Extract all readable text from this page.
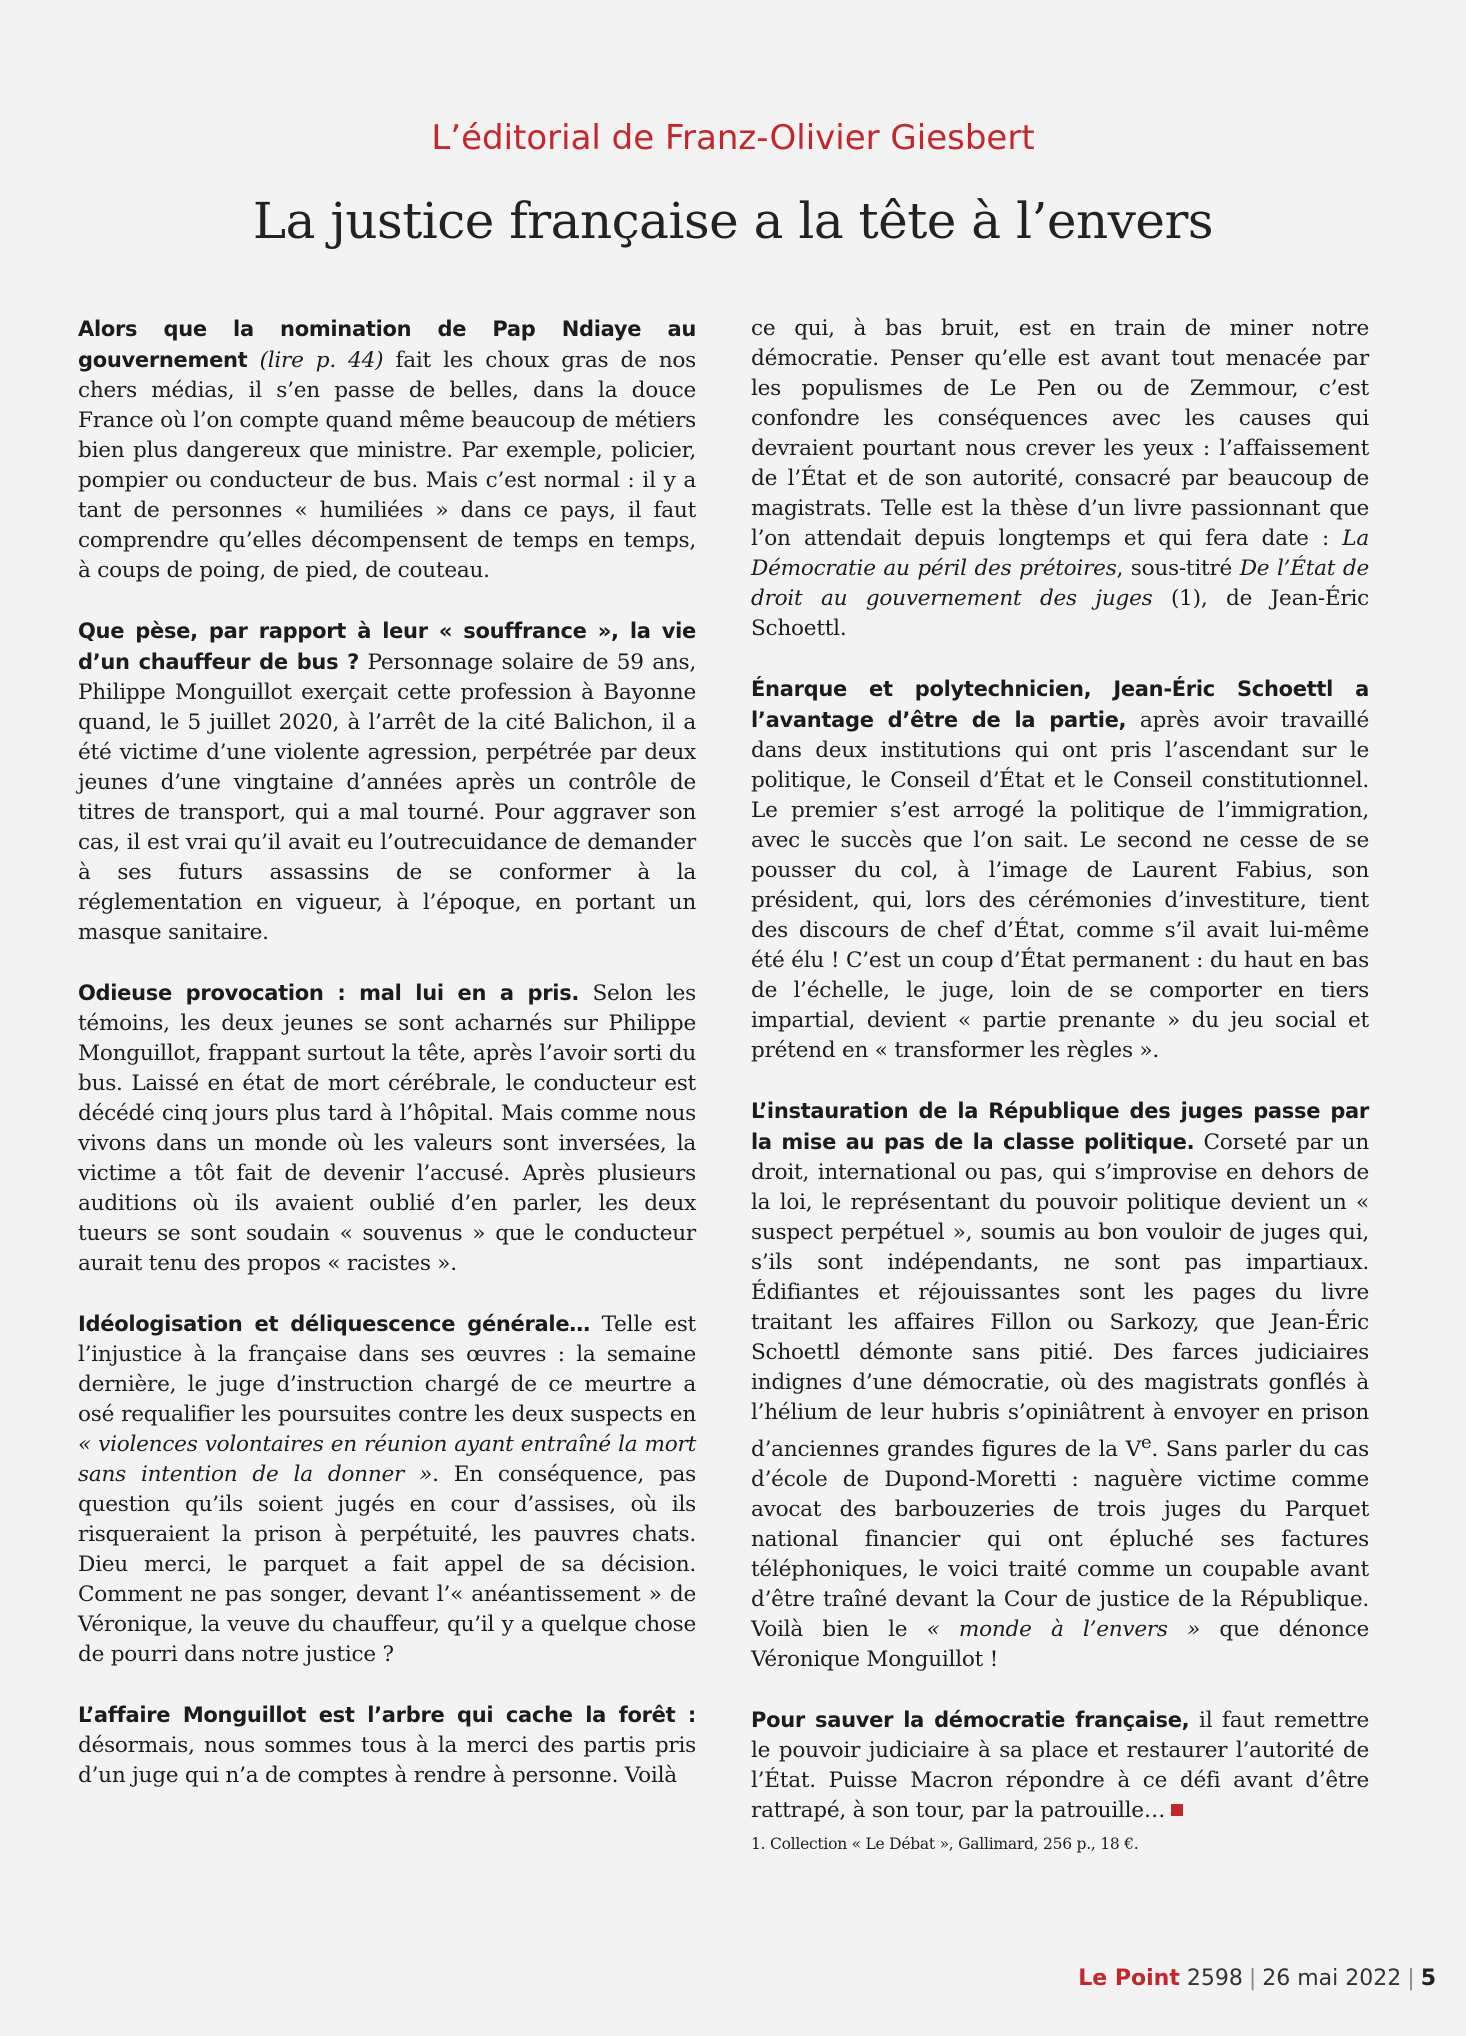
L’éditorial de Franz-Olivier Giesbert
La justice française a la tête à l’envers

Alors que la nomination de Pap Ndiaye au gouvernement (lire p. 44) fait les choux gras de nos chers médias, il s’en passe de belles, dans la douce France où l’on compte quand même beaucoup de métiers bien plus dangereux que ministre. Par exemple, policier, pompier ou conducteur de bus. Mais c’est normal : il y a tant de personnes « humiliées » dans ce pays, il faut comprendre qu’elles décompensent de temps en temps, à coups de poing, de pied, de couteau.

Que pèse, par rapport à leur « souffrance », la vie d’un chauffeur de bus ? Personnage solaire de 59 ans, Philippe Monguillot exerçait cette profession à Bayonne quand, le 5 juillet 2020, à l’arrêt de la cité Balichon, il a été victime d’une violente agression, perpétrée par deux jeunes d’une vingtaine d’années après un contrôle de titres de transport, qui a mal tourné. Pour aggraver son cas, il est vrai qu’il avait eu l’outrecuidance de demander à ses futurs assassins de se conformer à la réglementation en vigueur, à l’époque, en portant un masque sanitaire.

Odieuse provocation : mal lui en a pris. Selon les témoins, les deux jeunes se sont acharnés sur Philippe Monguillot, frappant surtout la tête, après l’avoir sorti du bus. Laissé en état de mort cérébrale, le conducteur est décédé cinq jours plus tard à l’hôpital. Mais comme nous vivons dans un monde où les valeurs sont inversées, la victime a tôt fait de devenir l’accusé. Après plusieurs auditions où ils avaient oublié d’en parler, les deux tueurs se sont soudain « souvenus » que le conducteur aurait tenu des propos « racistes ».

Idéologisation et déliquescence générale… Telle est l’injustice à la française dans ses œuvres : la semaine dernière, le juge d’instruction chargé de ce meurtre a osé requalifier les poursuites contre les deux suspects en « violences volontaires en réunion ayant entraîné la mort sans intention de la donner ». En conséquence, pas question qu’ils soient jugés en cour d’assises, où ils risqueraient la prison à perpétuité, les pauvres chats. Dieu merci, le parquet a fait appel de sa décision. Comment ne pas songer, devant l’« anéantissement » de Véronique, la veuve du chauffeur, qu’il y a quelque chose de pourri dans notre justice ?

L’affaire Monguillot est l’arbre qui cache la forêt : désormais, nous sommes tous à la merci des partis pris d’un juge qui n’a de comptes à rendre à personne. Voilà

ce qui, à bas bruit, est en train de miner notre démocratie. Penser qu’elle est avant tout menacée par les populismes de Le Pen ou de Zemmour, c’est confondre les conséquences avec les causes qui devraient pourtant nous crever les yeux : l’affaissement de l’État et de son autorité, consacré par beaucoup de magistrats. Telle est la thèse d’un livre passionnant que l’on attendait depuis longtemps et qui fera date : La Démocratie au péril des prétoires, sous-titré De l’État de droit au gouvernement des juges (1), de Jean-Éric Schoettl.

Énarque et polytechnicien, Jean-Éric Schoettl a l’avantage d’être de la partie, après avoir travaillé dans deux institutions qui ont pris l’ascendant sur le politique, le Conseil d’État et le Conseil constitutionnel. Le premier s’est arrogé la politique de l’immigration, avec le succès que l’on sait. Le second ne cesse de se pousser du col, à l’image de Laurent Fabius, son président, qui, lors des cérémonies d’investiture, tient des discours de chef d’État, comme s’il avait lui-même été élu ! C’est un coup d’État permanent : du haut en bas de l’échelle, le juge, loin de se comporter en tiers impartial, devient « partie prenante » du jeu social et prétend en « transformer les règles ».

L’instauration de la République des juges passe par la mise au pas de la classe politique. Corseté par un droit, international ou pas, qui s’improvise en dehors de la loi, le représentant du pouvoir politique devient un « suspect perpétuel », soumis au bon vouloir de juges qui, s’ils sont indépendants, ne sont pas impartiaux. Édifiantes et réjouissantes sont les pages du livre traitant les affaires Fillon ou Sarkozy, que Jean-Éric Schoettl démonte sans pitié. Des farces judiciaires indignes d’une démocratie, où des magistrats gonflés à l’hélium de leur hubris s’opiniâtrent à envoyer en prison d’anciennes grandes figures de la Ve. Sans parler du cas d’école de Dupond-Moretti : naguère victime comme avocat des barbouzeries de trois juges du Parquet national financier qui ont épluché ses factures téléphoniques, le voici traité comme un coupable avant d’être traîné devant la Cour de justice de la République. Voilà bien le « monde à l’envers » que dénonce Véronique Monguillot !

Pour sauver la démocratie française, il faut remettre le pouvoir judiciaire à sa place et restaurer l’autorité de l’État. Puisse Macron répondre à ce défi avant d’être rattrapé, à son tour, par la patrouille…

1. Collection « Le Débat », Gallimard, 256 p., 18 €.
Le Point 2598 | 26 mai 2022 | 5
